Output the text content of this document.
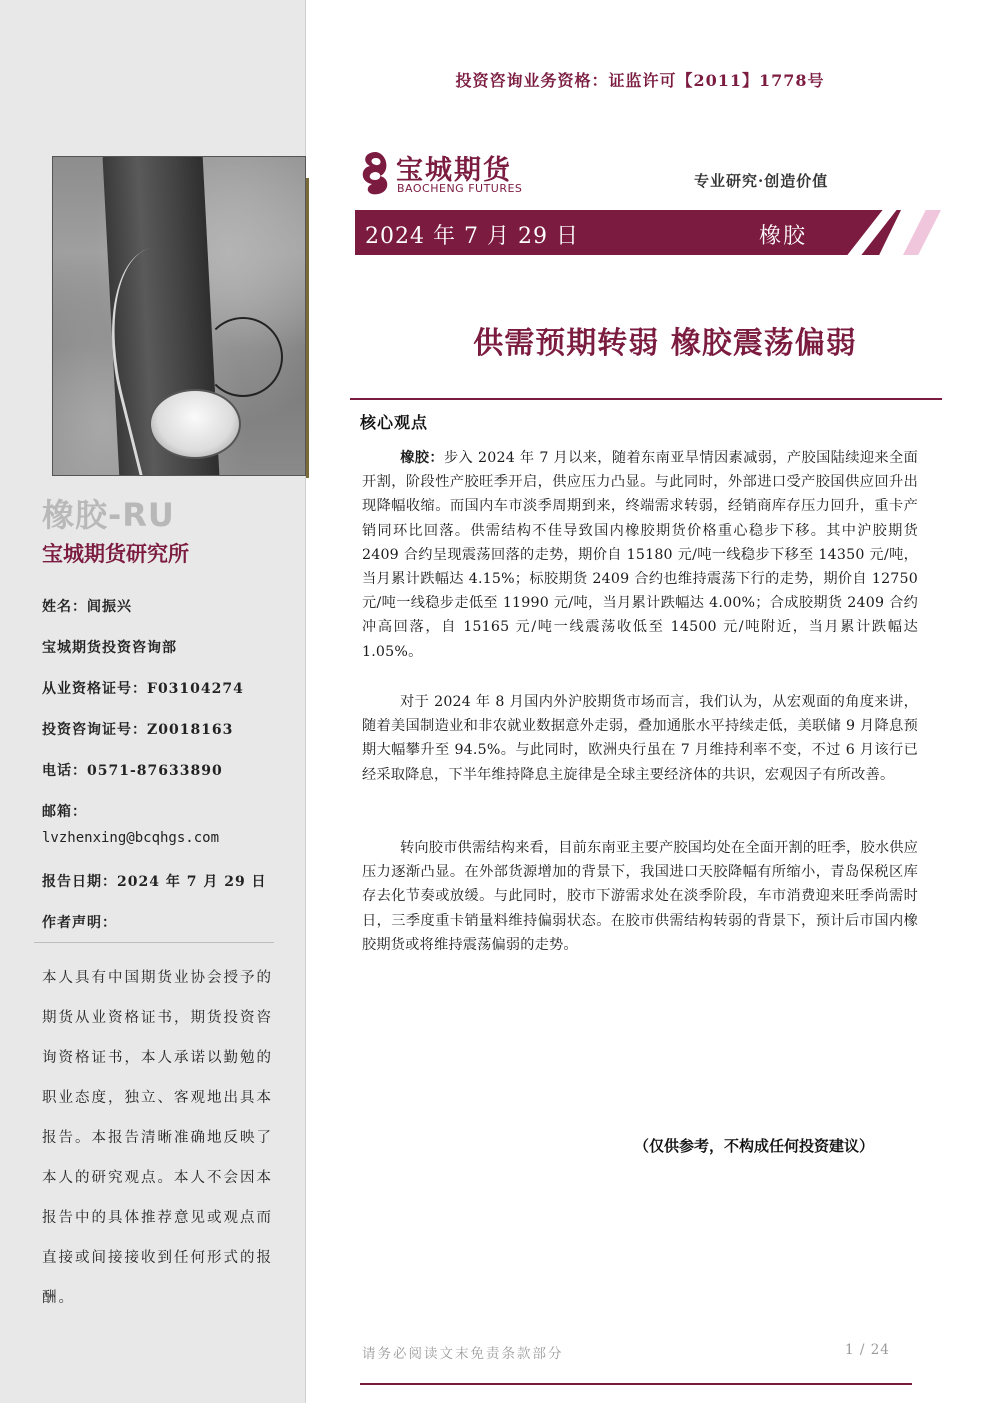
橡胶-RU
宝城期货研究所
姓名：闾振兴
宝城期货投资咨询部
从业资格证号：F03104274
投资咨询证号：Z0018163
电话：0571-87633890
邮箱：
lvzhenxing@bcqhgs.com
报告日期：2024 年 7 月 29 日
作者声明：
本人具有中国期货业协会授予的期货从业资格证书，期货投资咨询资格证书，本人承诺以勤勉的职业态度，独立、客观地出具本报告。本报告清晰准确地反映了本人的研究观点。本人不会因本报告中的具体推荐意见或观点而直接或间接接收到任何形式的报酬。
投资咨询业务资格：证监许可【2011】1778号
宝城期货
BAOCHENG FUTURES	专业研究·创造价值
2024 年 7 月 29 日	橡胶
供需预期转弱 橡胶震荡偏弱
核心观点
橡胶：步入 2024 年 7 月以来，随着东南亚旱情因素减弱，产胶国陆续迎来全面开割，阶段性产胶旺季开启，供应压力凸显。与此同时，外部进口受产胶国供应回升出现降幅收缩。而国内车市淡季周期到来，终端需求转弱，经销商库存压力回升，重卡产销同环比回落。供需结构不佳导致国内橡胶期货价格重心稳步下移。其中沪胶期货 2409 合约呈现震荡回落的走势，期价自 15180 元/吨一线稳步下移至 14350 元/吨，当月累计跌幅达 4.15%；标胶期货 2409 合约也维持震荡下行的走势，期价自 12750 元/吨一线稳步走低至 11990 元/吨，当月累计跌幅达 4.00%；合成胶期货 2409 合约冲高回落，自 15165 元/吨一线震荡收低至 14500 元/吨附近，当月累计跌幅达 1.05%。
对于 2024 年 8 月国内外沪胶期货市场而言，我们认为，从宏观面的角度来讲，随着美国制造业和非农就业数据意外走弱，叠加通胀水平持续走低，美联储 9 月降息预期大幅攀升至 94.5%。与此同时，欧洲央行虽在 7 月维持利率不变，不过 6 月该行已经采取降息，下半年维持降息主旋律是全球主要经济体的共识，宏观因子有所改善。
转向胶市供需结构来看，目前东南亚主要产胶国均处在全面开割的旺季，胶水供应压力逐渐凸显。在外部货源增加的背景下，我国进口天胶降幅有所缩小，青岛保税区库存去化节奏或放缓。与此同时，胶市下游需求处在淡季阶段，车市消费迎来旺季尚需时日，三季度重卡销量料维持偏弱状态。在胶市供需结构转弱的背景下，预计后市国内橡胶期货或将维持震荡偏弱的走势。
（仅供参考，不构成任何投资建议）
请务必阅读文末免责条款部分	1 / 24
